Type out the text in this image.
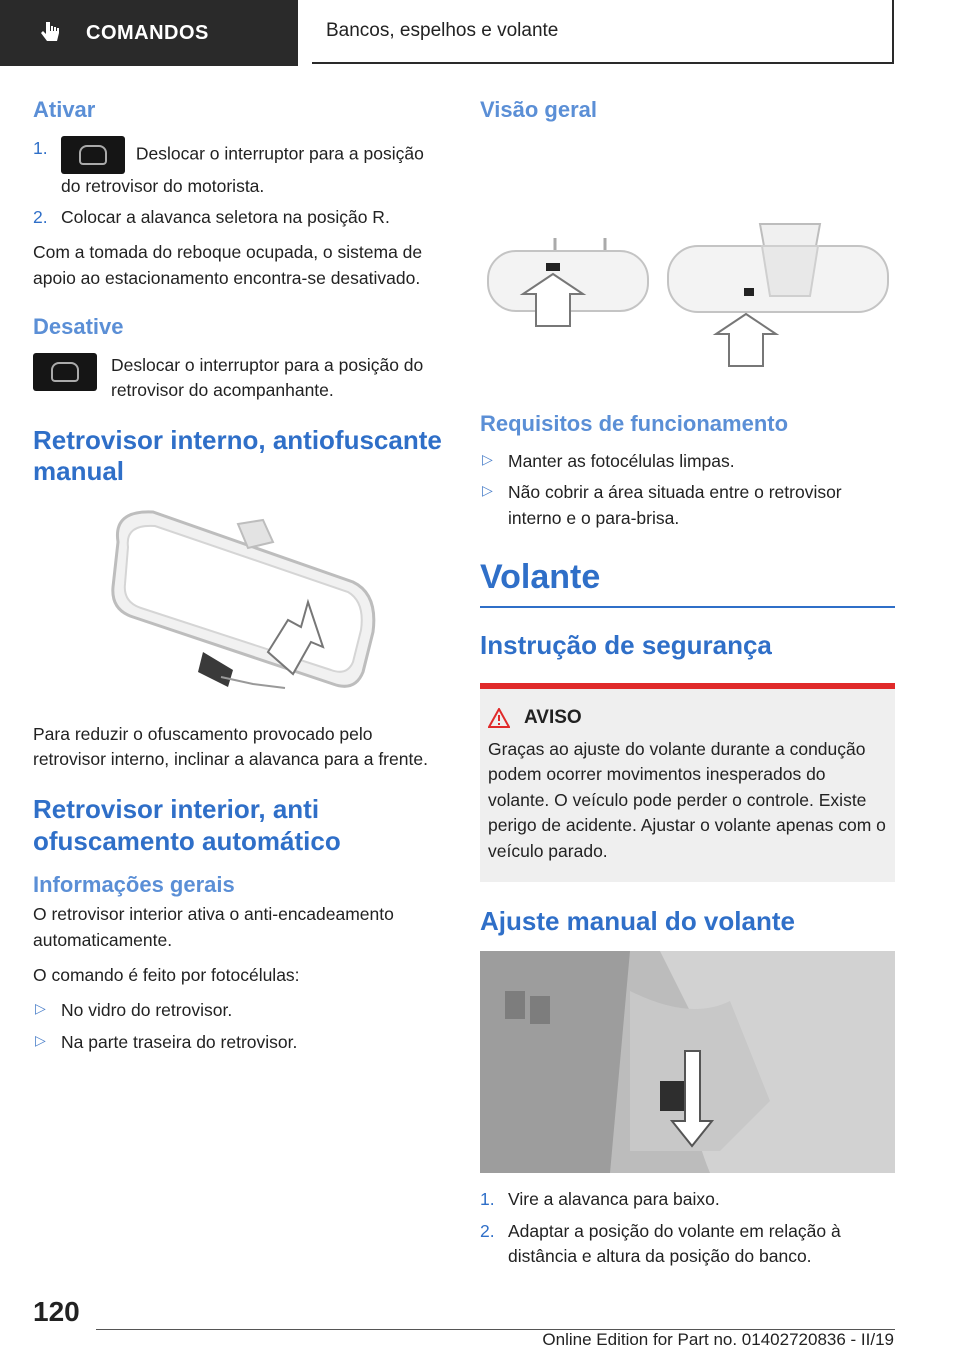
COMANDOS	Bancos, espelhos e volante
Ativar
1.	Deslocar o interruptor para a posição do retrovisor do motorista.
2. Colocar a alavanca seletora na posição R.

Com a tomada do reboque ocupada, o sistema de apoio ao estacionamento encontra-se desativado.

Desative

Deslocar o interruptor para a posição do retrovisor do acompanhante.

Retrovisor interno, antiofuscante manual

Para reduzir o ofuscamento provocado pelo retrovisor interno, inclinar a alavanca para a frente.

Retrovisor interior, anti ofuscamento automático
Informações gerais

O retrovisor interior ativa o anti-encadeamento automaticamente.

O comando é feito por fotocélulas:

▷ No vidro do retrovisor.
▷ Na parte traseira do retrovisor.
Visão geral
Requisitos de funcionamento
▷ Manter as fotocélulas limpas.
▷ Não cobrir a área situada entre o retrovisor interno e o para-brisa.
Volante
Instrução de segurança
AVISO

Graças ao ajuste do volante durante a condução podem ocorrer movimentos inesperados do volante. O veículo pode perder o controle. Existe perigo de acidente. Ajustar o volante apenas com o veículo parado.

Ajuste manual do volante
1. Vire a alavanca para baixo.
2. Adaptar a posição do volante em relação à distância e altura da posição do banco.
120
Online Edition for Part no. 01402720836 - II/19
